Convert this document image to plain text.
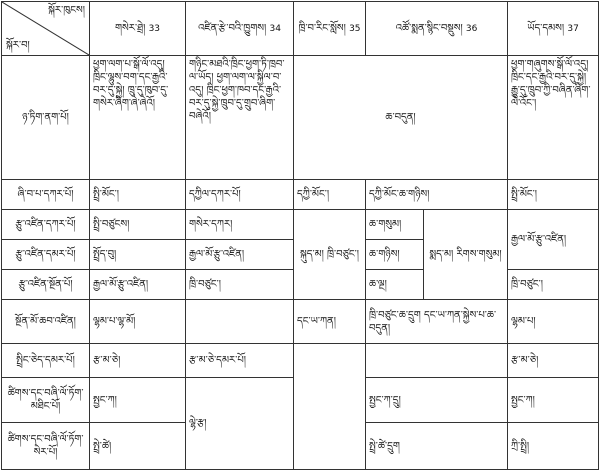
སྐོར་ཁུངས།
སྐོར་བ།	གསེར་ཐྲེ། 33	འཛིན་རྩེ་བའི་ཁྱུགས། 34	ཁྲི་བ་རིང་སློས། 35	འཚོ་སྨན་སྙིང་བསྡུས། 36		ཡོད་དམས། 37
ཉ་ཏིག་ནག་པོ།	ཕྱག་ལག་པ་སྒོ་ལོ་འདུ། ཁྲིང་ལྷུས་བག་དང་རྒྱའི་བར་དུ་སྐྱེ། ཁྲུ་དུ་ཁུབ་དུ་གསེར་ཞིག་ཞེ་ཞེའོ།	གཉིང་མཐའི་ཁྲིང་ཕྱག་ཏི་ཁྲབ་ལ་ཡོད། ཕྱག་ལག་ལ་སྐྱིལ་བ་འདུ། ཁྲིང་ཕྱག་ཁབ་དང་རྒྱའི་བར་དུ་སྐྱེ་ཁྲུབ་དུ་གྲུབ་ཞིག་བཞེའོ།	ཆ་བདུན།			ཕྱག་གཞུགས་སྒོ་ལོ་འདུ། ཁྲིང་དང་རྒྱའི་བར་དུ་སྐྱེ། རྒྱུ་དུ་ཁྲུབ་ཀྱི་བཞིན་ཞིག་ལེ་འོང་།
ཞི་བ་པ་དཀར་པོ།	སྤྲི་མོང་།	དཀྱིལ་དཀར་པོ།	དཀྱི་མོང་།	དཀྱི་མོང་ཆ་གཉིས།		སྤྲི་མོང་།
རྩུ་འཛིན་དཀར་པོ།	སྤྲི་བཙུངས།	གསེར་དཀར།	སྐུད་མ། ཁྲི་བཙུང་།	ཆ་གསུམ།	སྨད་མ། རིགས་གསུམ།	རྒྱལ་མོ་རྩུ་འཛིན།
རྩུ་འཛིན་དམར་པོ།	སྤྲོད་བུ།	རྒྱལ་མོ་རྩུ་འཛིན།		ཆ་གཉིས།		
རྩུ་འཛིན་སྔོན་པོ།	རྒྱལ་མོ་རྩུ་འཛིན།	ཁྲི་བཙུང་།		ཆ་ལྔ།		ཁྲི་བཙུང་།
སྔོན་མོ་ཆབ་འཛིན།	ལྷམ་པ་ལྷ་མོ།		དང་ཡ་ཀན།	ཁྲི་བཙུང་ཆ་དྲུག དང་ཡ་ཀན་སྐྱེས་པ་ཆ་བདུན།		ལྷམ་པ།
སྤྲིང་ཅེད་དམར་པོ།	རྩ་མ་ཅེ།	རྩ་མ་ཅེ་དམར་པོ།				རྩ་མ་ཅེ།
ཚིགས་དང་བཞི་ལོ་ཏོག་མཐིང་པོ།	སྤྱང་ཀ།	ལྷེ་རྩ།		སྤྱང་ཀ་དྲུ།		སྤྱང་ཀ།
ཚིགས་དང་བཞི་ལོ་ཏོག་སེར་པོ།	སྤྲེ་ཚེ།			སྤྲེ་ཚེ་དྲུག		ཀྲི་སྤྲི།
